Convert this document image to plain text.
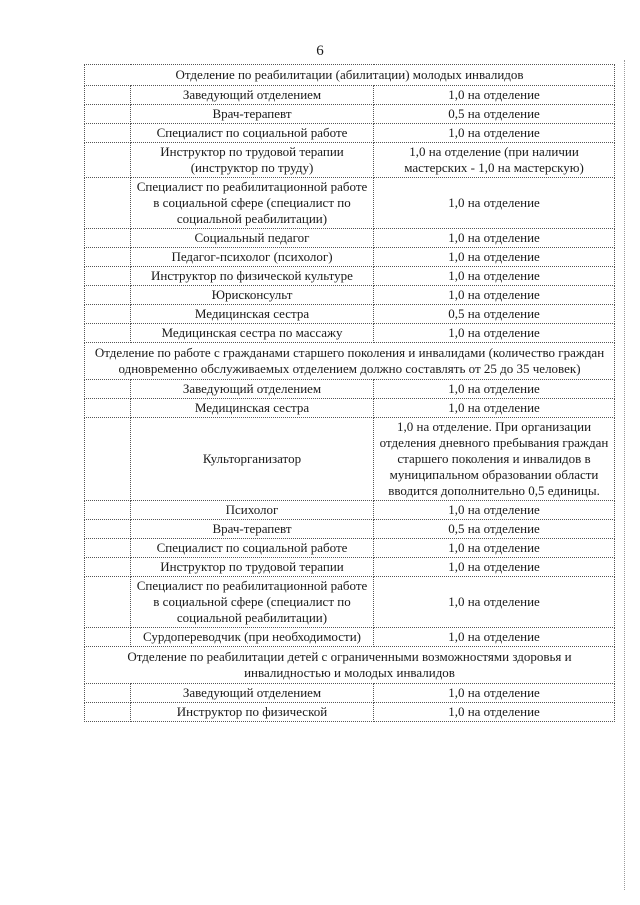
6
Отделение по реабилитации (абилитации) молодых инвалидов		
	Заведующий отделением	1,0 на отделение
	Врач-терапевт	0,5 на отделение
	Специалист по социальной работе	1,0 на отделение
	Инструктор по трудовой терапии (инструктор по труду)	1,0 на отделение (при наличии мастерских - 1,0 на мастерскую)
	Специалист по реабилитационной работе в социальной сфере (специалист по социальной реабилитации)	1,0 на отделение
	Социальный педагог	1,0 на отделение
	Педагог-психолог (психолог)	1,0 на отделение
	Инструктор по физической культуре	1,0 на отделение
	Юрисконсульт	1,0 на отделение
	Медицинская сестра	0,5 на отделение
	Медицинская сестра по массажу	1,0 на отделение
Отделение по работе с гражданами старшего поколения и инвалидами (количество граждан одновременно обслуживаемых отделением должно составлять от 25 до 35 человек)		
	Заведующий отделением	1,0 на отделение
	Медицинская сестра	1,0 на отделение
	Культорганизатор	1,0 на отделение. При организации отделения дневного пребывания граждан старшего поколения и инвалидов в муниципальном образовании области вводится дополнительно 0,5 единицы.
	Психолог	1,0 на отделение
	Врач-терапевт	0,5 на отделение
	Специалист по социальной работе	1,0 на отделение
	Инструктор по трудовой терапии	1,0 на отделение
	Специалист по реабилитационной работе в социальной сфере (специалист по социальной реабилитации)	1,0 на отделение
	Сурдопереводчик (при необходимости)	1,0 на отделение
Отделение по реабилитации детей с ограниченными возможностями здоровья и инвалидностью и молодых инвалидов		
	Заведующий отделением	1,0 на отделение
	Инструктор по физической	1,0 на отделение
